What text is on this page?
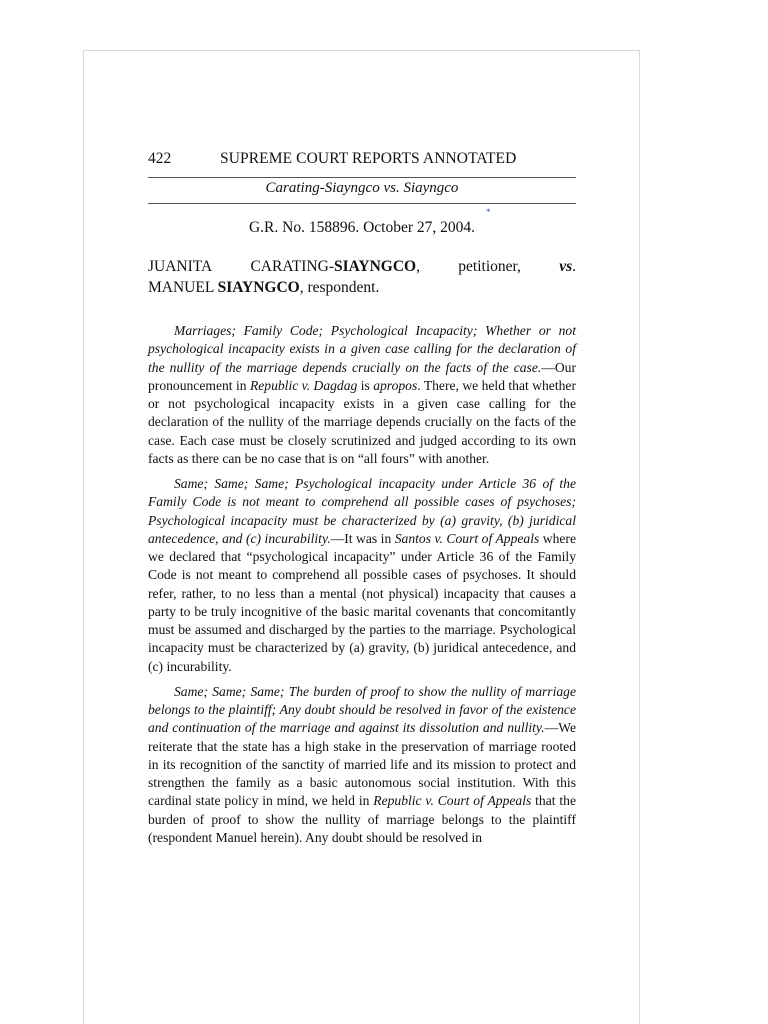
422	SUPREME COURT REPORTS ANNOTATED
Carating-Siayngco vs. Siayngco
*
G.R. No. 158896. October 27, 2004.
JUANITA CARATING-SIAYNGCO, petitioner, vs.
MANUEL SIAYNGCO, respondent.

Marriages; Family Code; Psychological Incapacity; Whether or not psychological incapacity exists in a given case calling for the declaration of the nullity of the marriage depends crucially on the facts of the case.—Our pronouncement in Republic v. Dagdag is apropos. There, we held that whether or not psychological incapacity exists in a given case calling for the declaration of the nullity of the marriage depends crucially on the facts of the case. Each case must be closely scrutinized and judged according to its own facts as there can be no case that is on “all fours” with another.

Same; Same; Same; Psychological incapacity under Article 36 of the Family Code is not meant to comprehend all possible cases of psychoses; Psychological incapacity must be characterized by (a) gravity, (b) juridical antecedence, and (c) incurability.—It was in Santos v. Court of Appeals where we declared that “psychological incapacity” under Article 36 of the Family Code is not meant to comprehend all possible cases of psychoses. It should refer, rather, to no less than a mental (not physical) incapacity that causes a party to be truly incognitive of the basic marital covenants that concomitantly must be assumed and discharged by the parties to the marriage. Psychological incapacity must be characterized by (a) gravity, (b) juridical antecedence, and (c) incurability.

Same; Same; Same; The burden of proof to show the nullity of marriage belongs to the plaintiff; Any doubt should be resolved in favor of the existence and continuation of the marriage and against its dissolution and nullity.—We reiterate that the state has a high stake in the preservation of marriage rooted in its recognition of the sanctity of married life and its mission to protect and strengthen the family as a basic autonomous social institution. With this cardinal state policy in mind, we held in Republic v. Court of Appeals that the burden of proof to show the nullity of marriage belongs to the plaintiff (respondent Manuel herein). Any doubt should be resolved in
